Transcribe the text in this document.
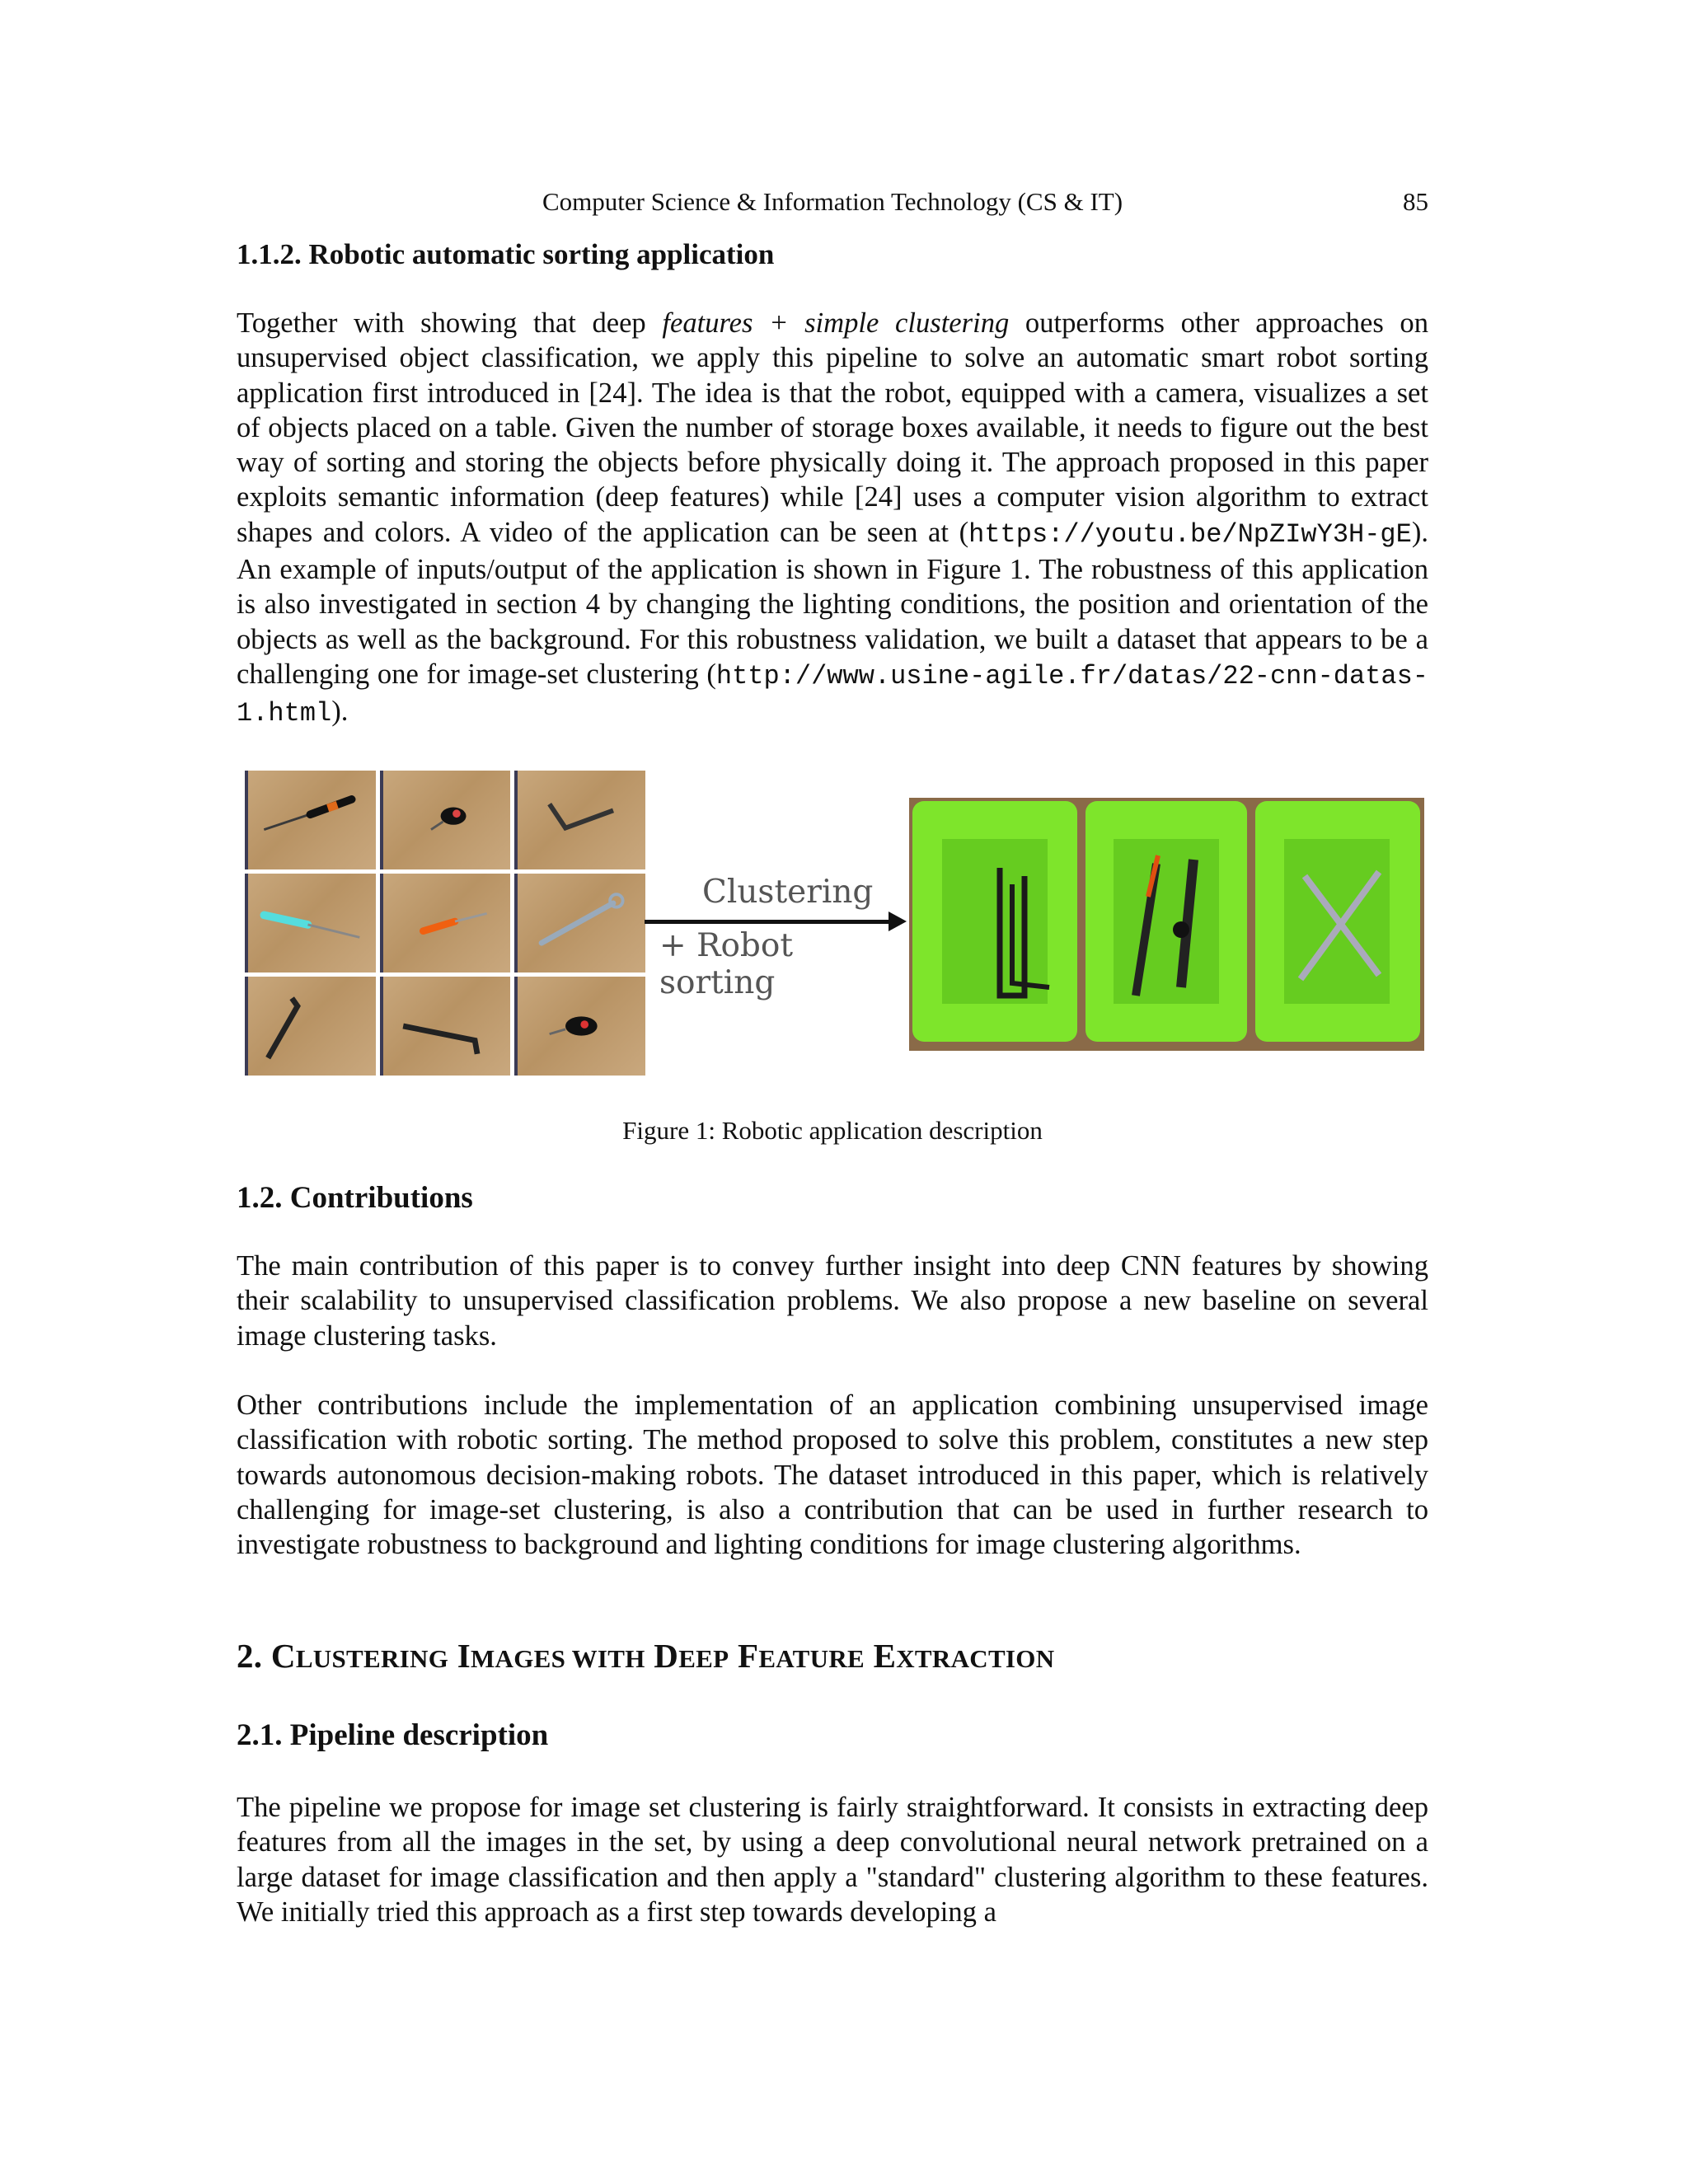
Computer Science & Information Technology (CS & IT)	85
1.1.2. Robotic automatic sorting application

Together with showing that deep features + simple clustering outperforms other approaches on unsupervised object classification, we apply this pipeline to solve an automatic smart robot sorting application first introduced in [24]. The idea is that the robot, equipped with a camera, visualizes a set of objects placed on a table. Given the number of storage boxes available, it needs to figure out the best way of sorting and storing the objects before physically doing it. The approach proposed in this paper exploits semantic information (deep features) while [24] uses a computer vision algorithm to extract shapes and colors. A video of the application can be seen at (https://youtu.be/NpZIwY3H-gE). An example of inputs/output of the application is shown in Figure 1. The robustness of this application is also investigated in section 4 by changing the lighting conditions, the position and orientation of the objects as well as the background. For this robustness validation, we built a dataset that appears to be a challenging one for image-set clustering (http://www.usine-agile.fr/datas/22-cnn-datas-1.html).

Clustering
+ Robot sorting
Figure 1: Robotic application description
1.2. Contributions

The main contribution of this paper is to convey further insight into deep CNN features by showing their scalability to unsupervised classification problems. We also propose a new baseline on several image clustering tasks.

Other contributions include the implementation of an application combining unsupervised image classification with robotic sorting. The method proposed to solve this problem, constitutes a new step towards autonomous decision-making robots. The dataset introduced in this paper, which is relatively challenging for image-set clustering, is also a contribution that can be used in further research to investigate robustness to background and lighting conditions for image clustering algorithms.

2. CLUSTERING IMAGES WITH DEEP FEATURE EXTRACTION
2.1. Pipeline description

The pipeline we propose for image set clustering is fairly straightforward. It consists in extracting deep features from all the images in the set, by using a deep convolutional neural network pretrained on a large dataset for image classification and then apply a "standard" clustering algorithm to these features. We initially tried this approach as a first step towards developing a
